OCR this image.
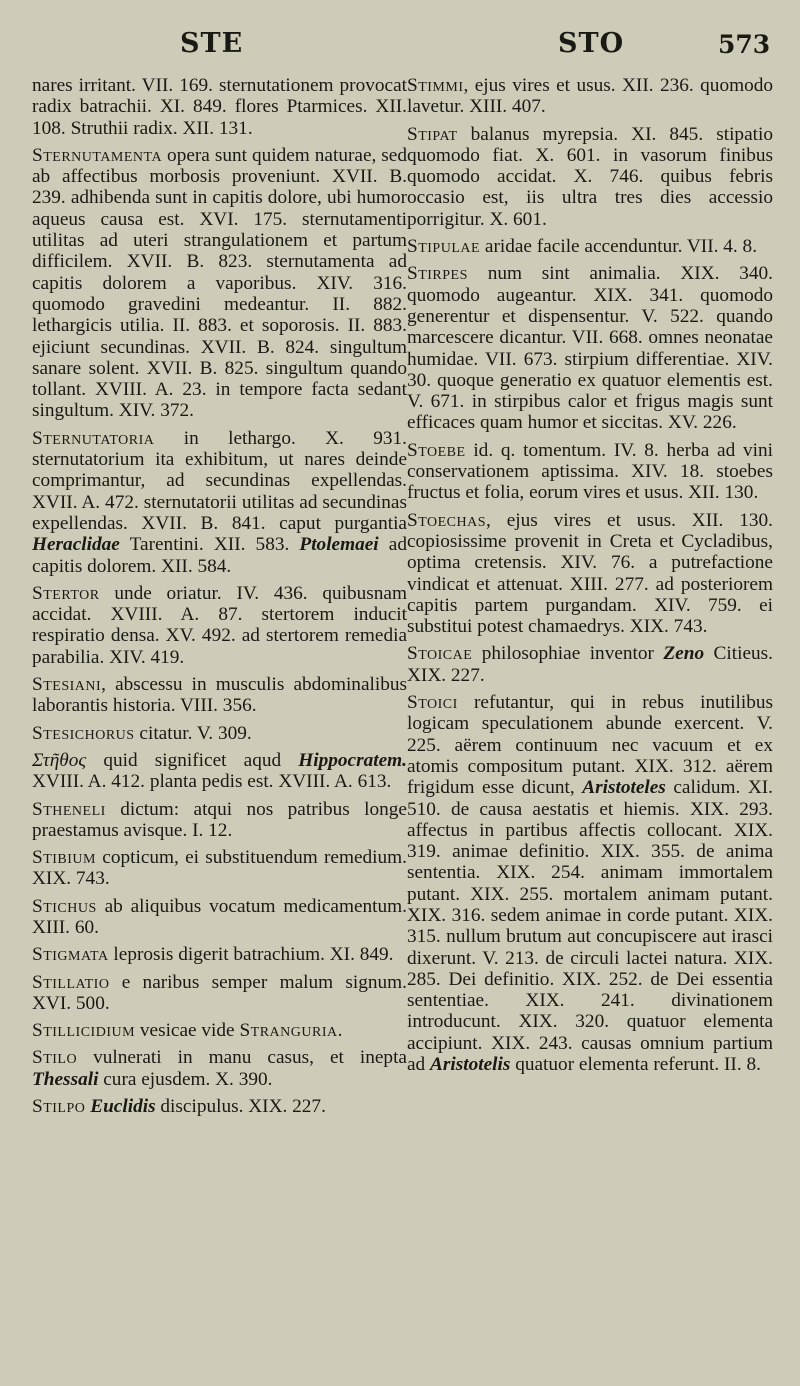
STE	STO	573

nares irritant. VII. 169. sternutationem provocat radix batrachii. XI. 849. flores Ptarmices. XII. 108. Struthii radix. XII. 131.

Sternutamenta opera sunt quidem naturae, sed ab affectibus morbosis proveniunt. XVII. B. 239. adhibenda sunt in capitis dolore, ubi humor aqueus causa est. XVI. 175. sternutamenti utilitas ad uteri strangulationem et partum difficilem. XVII. B. 823. sternutamenta ad capitis dolorem a vaporibus. XIV. 316. quomodo gravedini medeantur. II. 882. lethargicis utilia. II. 883. et soporosis. II. 883. ejiciunt secundinas. XVII. B. 824. singultum sanare solent. XVII. B. 825. singultum quando tollant. XVIII. A. 23. in tempore facta sedant singultum. XIV. 372.

Sternutatoria in lethargo. X. 931. sternutatorium ita exhibitum, ut nares deinde comprimantur, ad secundinas expellendas. XVII. A. 472. sternutatorii utilitas ad secundinas expellendas. XVII. B. 841. caput purgantia Heraclidae Tarentini. XII. 583. Ptolemaei ad capitis dolorem. XII. 584.

Stertor unde oriatur. IV. 436. quibusnam accidat. XVIII. A. 87. stertorem inducit respiratio densa. XV. 492. ad stertorem remedia parabilia. XIV. 419.

Stesiani, abscessu in musculis abdominalibus laborantis historia. VIII. 356.

Stesichorus citatur. V. 309.

Στῆθος quid significet aqud Hippocratem. XVIII. A. 412. planta pedis est. XVIII. A. 613.

Stheneli dictum: atqui nos patribus longe praestamus avisque. I. 12.

Stibium copticum, ei substituendum remedium. XIX. 743.

Stichus ab aliquibus vocatum medicamentum. XIII. 60.

Stigmata leprosis digerit batrachium. XI. 849.

Stillatio e naribus semper malum signum. XVI. 500.

Stillicidium vesicae vide Stranguria.

Stilo vulnerati in manu casus, et inepta Thessali cura ejusdem. X. 390.

Stilpo Euclidis discipulus. XIX. 227.

Stimmi, ejus vires et usus. XII. 236. quomodo lavetur. XIII. 407.

Stipat balanus myrepsia. XI. 845. stipatio quomodo fiat. X. 601. in vasorum finibus quomodo accidat. X. 746. quibus febris occasio est, iis ultra tres dies accessio porrigitur. X. 601.

Stipulae aridae facile accenduntur. VII. 4. 8.

Stirpes num sint animalia. XIX. 340. quomodo augeantur. XIX. 341. quomodo generentur et dispensentur. V. 522. quando marcescere dicantur. VII. 668. omnes neonatae humidae. VII. 673. stirpium differentiae. XIV. 30. quoque generatio ex quatuor elementis est. V. 671. in stirpibus calor et frigus magis sunt efficaces quam humor et siccitas. XV. 226.

Stoebe id. q. tomentum. IV. 8. herba ad vini conservationem aptissima. XIV. 18. stoebes fructus et folia, eorum vires et usus. XII. 130.

Stoechas, ejus vires et usus. XII. 130. copiosissime provenit in Creta et Cycladibus, optima cretensis. XIV. 76. a putrefactione vindicat et attenuat. XIII. 277. ad posteriorem capitis partem purgandam. XIV. 759. ei substitui potest chamaedrys. XIX. 743.

Stoicae philosophiae inventor Zeno Citieus. XIX. 227.

Stoici refutantur, qui in rebus inutilibus logicam speculationem abunde exercent. V. 225. aërem continuum nec vacuum et ex atomis compositum putant. XIX. 312. aërem frigidum esse dicunt, Aristoteles calidum. XI. 510. de causa aestatis et hiemis. XIX. 293. affectus in partibus affectis collocant. XIX. 319. animae definitio. XIX. 355. de anima sententia. XIX. 254. animam immortalem putant. XIX. 255. mortalem animam putant. XIX. 316. sedem animae in corde putant. XIX. 315. nullum brutum aut concupiscere aut irasci dixerunt. V. 213. de circuli lactei natura. XIX. 285. Dei definitio. XIX. 252. de Dei essentia sententiae. XIX. 241. divinationem introducunt. XIX. 320. quatuor elementa accipiunt. XIX. 243. causas omnium partium ad Aristotelis quatuor elementa referunt. II. 8.
